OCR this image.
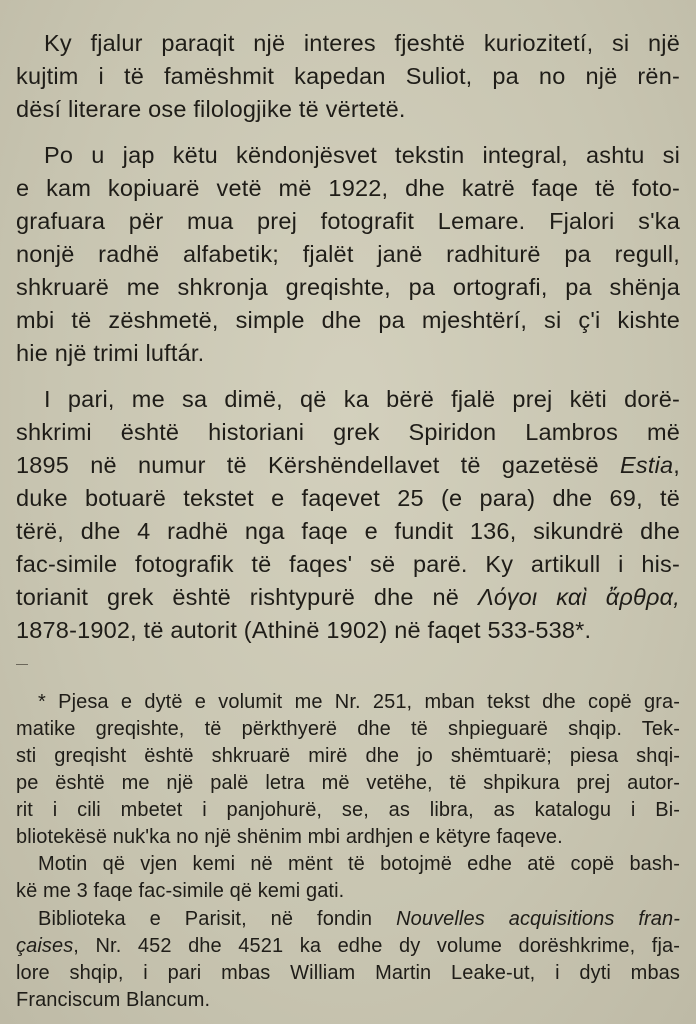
Ky fjalur paraqit një interes fjeshtë kuriozitetí, si një
kujtim i të famëshmit kapedan Suliot, pa no një rën-
dësí literare ose filologjike të vërtetë.
Po u jap këtu këndonjësvet tekstin integral, ashtu si
e kam kopiuarë vetë më 1922, dhe katrë faqe të foto-
grafuara për mua prej fotografit Lemare. Fjalori s'ka
nonjë radhë alfabetik; fjalët janë radhiturë pa regull,
shkruarë me shkronja greqishte, pa ortografi, pa shënja
mbi të zëshmetë, simple dhe pa mjeshtërí, si ç'i kishte
hie një trimi luftár.
I pari, me sa dimë, që ka bërë fjalë prej këti dorë-
shkrimi është historiani grek Spiridon Lambros më
1895 në numur të Kërshëndellavet të gazetësë Estia,
duke botuarë tekstet e faqevet 25 (e para) dhe 69, të
tërë, dhe 4 radhë nga faqe e fundit 136, sikundrë dhe
fac-simile fotografik të faqes' së parë. Ky artikull i his-
torianit grek është rishtypurë dhe në Λόγοι καὶ ἄρθρα,
1878-1902, të autorit (Athinë 1902) në faqet 533-538*.
* Pjesa e dytë e volumit me Nr. 251, mban tekst dhe copë gra-
matike greqishte, të përkthyerë dhe të shpieguarë shqip. Tek-
sti greqisht është shkruarë mirë dhe jo shëmtuarë; piesa shqi-
pe është me një palë letra më vetëhe, të shpikura prej autor-
rit i cili mbetet i panjohurë, se, as libra, as katalogu i Bi-
bliotekësë nuk'ka no një shënim mbi ardhjen e këtyre faqeve.
Motin që vjen kemi në mënt të botojmë edhe atë copë bash-
kë me 3 faqe fac-simile që kemi gati.
Biblioteka e Parisit, në fondin Nouvelles acquisitions fran-
çaises, Nr. 452 dhe 4521 ka edhe dy volume dorëshkrime, fja-
lore shqip, i pari mbas William Martin Leake-ut, i dyti mbas
Franciscum Blancum.
